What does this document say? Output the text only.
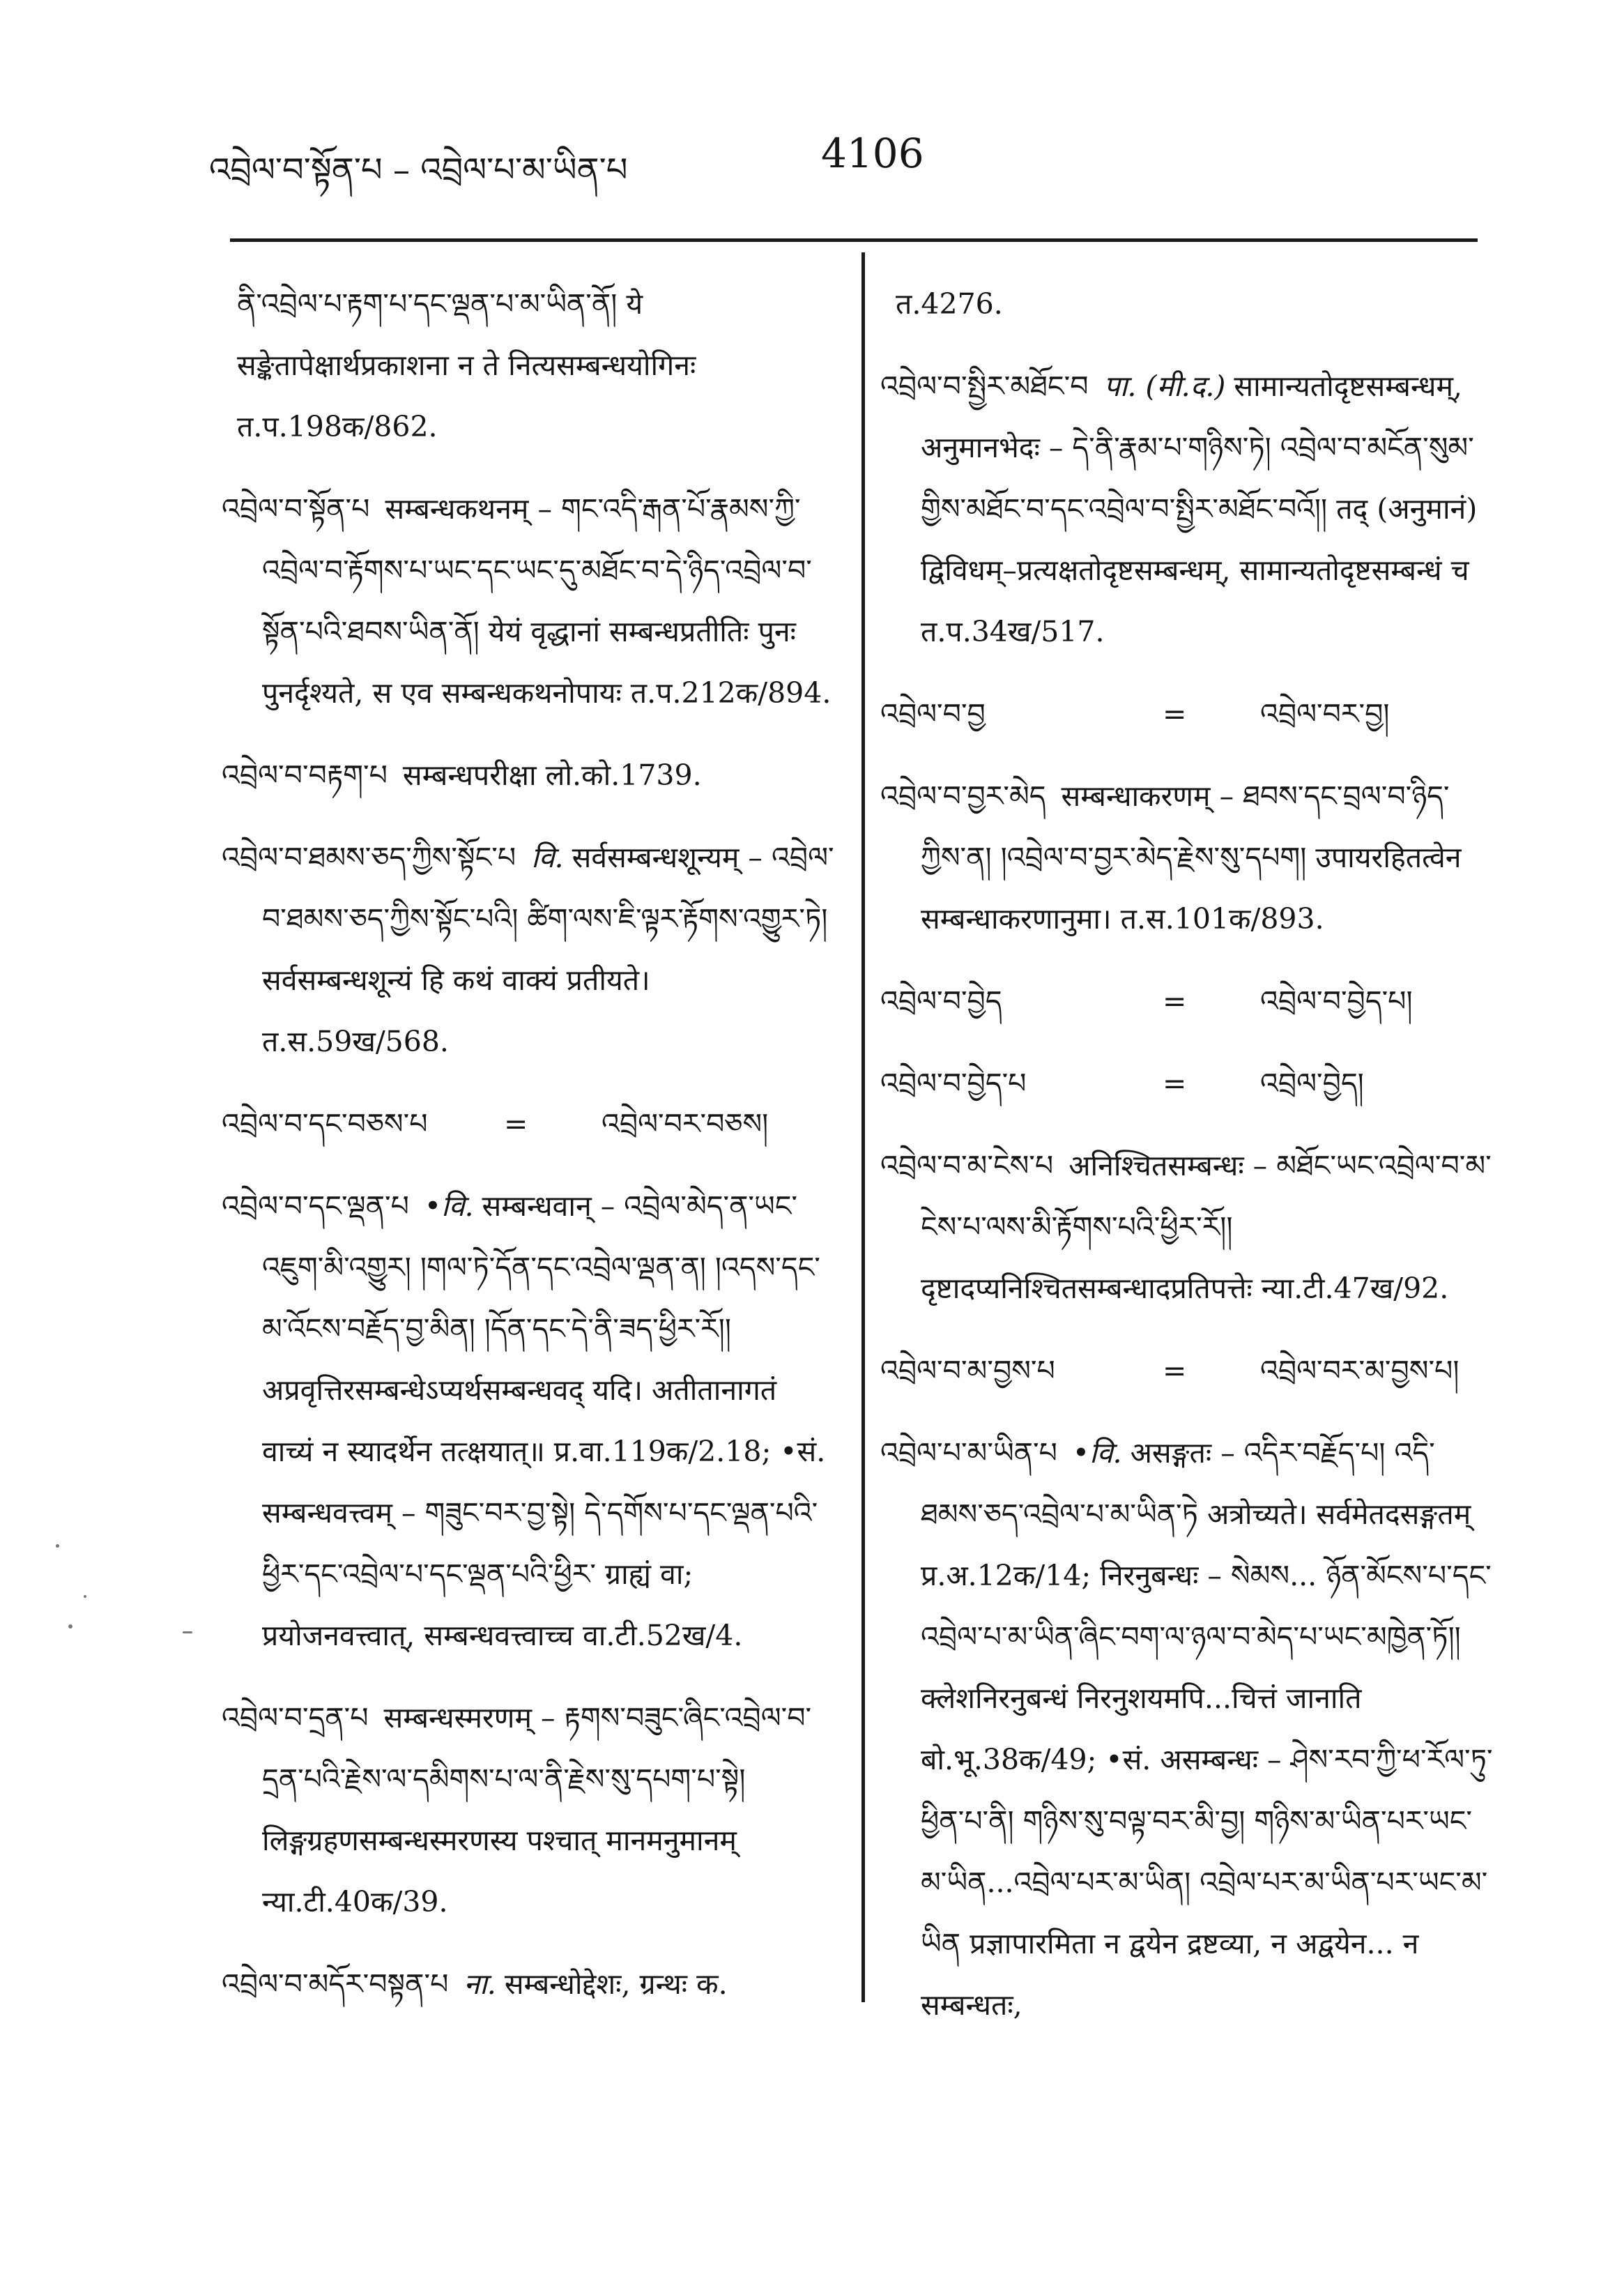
འབྲེལ་བ་སྟོན་པ – འབྲེལ་པ་མ་ཡིན་པ	4106
ནི་འབྲེལ་པ་རྟག་པ་དང་ལྡན་པ་མ་ཡིན་ནོ། ये सङ्केतापेक्षार्थप्रकाशना न ते नित्यसम्बन्धयोगिनः त.प.198क/862.
འབྲེལ་བ་སྟོན་པ सम्बन्धकथनम् – གང་འདི་རྒན་པོ་རྣམས་ཀྱི་འབྲེལ་བ་རྟོགས་པ་ཡང་དང་ཡང་དུ་མཐོང་བ་དེ་ཉིད་འབྲེལ་བ་སྟོན་པའི་ཐབས་ཡིན་ནོ། येयं वृद्धानां सम्बन्धप्रतीतिः पुनः पुनर्दृश्यते, स एव सम्बन्धकथनोपायः त.प.212क/894.
འབྲེལ་བ་བརྟག་པ सम्बन्धपरीक्षा लो.को.1739.
འབྲེལ་བ་ཐམས་ཅད་ཀྱིས་སྟོང་པ वि. सर्वसम्बन्धशून्यम् – འབྲེལ་བ་ཐམས་ཅད་ཀྱིས་སྟོང་པའི། ཚིག་ལས་ཇི་ལྟར་རྟོགས་འགྱུར་ཏེ། सर्वसम्बन्धशून्यं हि कथं वाक्यं प्रतीयते। त.स.59ख/568.
འབྲེལ་བ་དང་བཅས་པ	=	འབྲེལ་བར་བཅས།
འབྲེལ་བ་དང་ལྡན་པ •वि. सम्बन्धवान् – འབྲེལ་མེད་ན་ཡང་འཇུག་མི་འགྱུར། །གལ་ཏེ་དོན་དང་འབྲེལ་ལྡན་ན། །འདས་དང་མ་འོངས་བརྗོད་བྱ་མིན། །དོན་དང་དེ་ནི་ཟད་ཕྱིར་རོ།། अप्रवृत्तिरसम्बन्धेऽप्यर्थसम्बन्धवद् यदि। अतीतानागतं वाच्यं न स्यादर्थेन तत्क्षयात्॥ प्र.वा.119क/2.18; •सं. सम्बन्धवत्त्वम् – གཟུང་བར་བྱ་སྟེ། དེ་དགོས་པ་དང་ལྡན་པའི་ཕྱིར་དང་འབྲེལ་པ་དང་ལྡན་པའི་ཕྱིར་ ग्राह्यं वा; प्रयोजनवत्त्वात्, सम्बन्धवत्त्वाच्च वा.टी.52ख/4.
འབྲེལ་བ་དྲན་པ सम्बन्धस्मरणम् – རྟགས་བཟུང་ཞིང་འབྲེལ་བ་དྲན་པའི་རྗེས་ལ་དམིགས་པ་ལ་ནི་རྗེས་སུ་དཔག་པ་སྟེ། लिङ्गग्रहणसम्बन्धस्मरणस्य पश्चात् मानमनुमानम् न्या.टी.40क/39.
འབྲེལ་བ་མདོར་བསྟན་པ ना. सम्बन्धोद्देशः, ग्रन्थः क.
त.4276.
འབྲེལ་བ་སྤྱིར་མཐོང་བ पा. (मी.द.) सामान्यतोदृष्टसम्बन्धम्, अनुमानभेदः – དེ་ནི་རྣམ་པ་གཉིས་ཏེ། འབྲེལ་བ་མངོན་སུམ་གྱིས་མཐོང་བ་དང་འབྲེལ་བ་སྤྱིར་མཐོང་བའོ།། तद् (अनुमानं) द्विविधम्–प्रत्यक्षतोदृष्टसम्बन्धम्, सामान्यतोदृष्टसम्बन्धं च त.प.34ख/517.
འབྲེལ་བ་བྱ	=	འབྲེལ་བར་བྱ།
འབྲེལ་བ་བྱར་མེད सम्बन्धाकरणम् – ཐབས་དང་བྲལ་བ་ཉིད་ཀྱིས་ན། །འབྲེལ་བ་བྱར་མེད་རྗེས་སུ་དཔག། उपायरहितत्वेन सम्बन्धाकरणानुमा। त.स.101क/893.
འབྲེལ་བ་བྱེད	=	འབྲེལ་བ་བྱེད་པ།
འབྲེལ་བ་བྱེད་པ	=	འབྲེལ་བྱེད།
འབྲེལ་བ་མ་ངེས་པ अनिश्चितसम्बन्धः – མཐོང་ཡང་འབྲེལ་བ་མ་ངེས་པ་ལས་མི་རྟོགས་པའི་ཕྱིར་རོ།། दृष्टादप्यनिश्चितसम्बन्धादप्रतिपत्तेः न्या.टी.47ख/92.
འབྲེལ་བ་མ་བྱས་པ	=	འབྲེལ་བར་མ་བྱས་པ།
འབྲེལ་པ་མ་ཡིན་པ •वि. असङ्गतः – འདིར་བརྗོད་པ། འདི་ཐམས་ཅད་འབྲེལ་པ་མ་ཡིན་ཏེ अत्रोच्यते। सर्वमेतदसङ्गतम् प्र.अ.12क/14; निरनुबन्धः – སེམས... ཉོན་མོངས་པ་དང་འབྲེལ་པ་མ་ཡིན་ཞིང་བག་ལ་ཉལ་བ་མེད་པ་ཡང་མཁྱེན་ཏོ།། क्लेशनिरनुबन्धं निरनुशयमपि...चित्तं जानाति बो.भू.38क/49; •सं. असम्बन्धः – ཤེས་རབ་ཀྱི་ཕ་རོལ་ཏུ་ཕྱིན་པ་ནི། གཉིས་སུ་བལྟ་བར་མི་བྱ། གཉིས་མ་ཡིན་པར་ཡང་མ་ཡིན...འབྲེལ་པར་མ་ཡིན། འབྲེལ་པར་མ་ཡིན་པར་ཡང་མ་ཡིན प्रज्ञापारमिता न द्वयेन द्रष्टव्या, न अद्वयेन... न सम्बन्धतः,
